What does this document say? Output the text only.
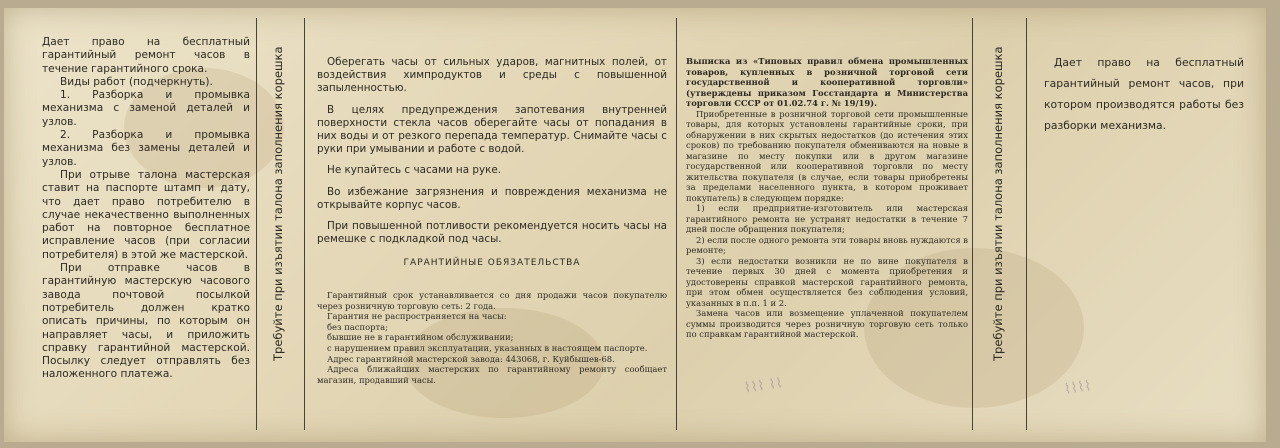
⌇⌇⌇ ⌇⌇	⌇⌇⌇⌇

Дает право на бесплатный гарантийный ремонт часов в течение гарантийного срока.

Виды работ (подчеркнуть).

1. Разборка и промывка механизма с заменой деталей и узлов.

2. Разборка и промывка механизма без замены деталей и узлов.

При отрыве талона мастерская ставит на паспорте штамп и дату, что дает право потребителю в случае некачественно выполненных работ на повторное бесплатное исправление часов (при согласии потребителя) в этой же мастерской.

При отправке часов в гарантийную мастерскую часового завода почтовой посылкой потребитель должен кратко описать причины, по которым он направляет часы, и приложить справку гарантийной мастерской. Посылку следует отправлять без наложенного платежа.

Требуйте при изъятии талона заполнения корешка	Оберегать часы от сильных ударов, магнитных полей, от воздействия химпродуктов и среды с повышенной запыленностью.

В целях предупреждения запотевания внутренней поверхности стекла часов оберегайте часы от попадания в них воды и от резкого перепада температур. Снимайте часы с руки при умывании и работе с водой.

Не купайтесь с часами на руке.

Во избежание загрязнения и повреждения механизма не открывайте корпус часов.

При повышенной потливости рекомендуется носить часы на ремешке с подкладкой под часы.

ГАРАНТИЙНЫЕ ОБЯЗАТЕЛЬСТВА

Гарантийный срок устанавливается со дня продажи часов покупателю через розничную торговую сеть: 2 года.

Гарантия не распространяется на часы:

без паспорта;

бывшие не в гарантийном обслуживании;

с нарушением правил эксплуатации, указанных в настоящем паспорте.

Адрес гарантийной мастерской завода: 443068, г. Куйбышев-68.

Адреса ближайших мастерских по гарантийному ремонту сообщает магазин, продавший часы.

Выписка из «Типовых правил обмена промышленных товаров, купленных в розничной торговой сети государственной и кооперативной торговли» (утверждены приказом Госстандарта и Министерства торговли СССР от 01.02.74 г. № 19/19).

Приобретенные в розничной торговой сети промышленные товары, для которых установлены гарантийные сроки, при обнаружении в них скрытых недостатков (до истечения этих сроков) по требованию покупателя обмениваются на новые в магазине по месту покупки или в другом магазине государственной или кооперативной торговли по месту жительства покупателя (в случае, если товары приобретены за пределами населенного пункта, в котором проживает покупатель) в следующем порядке:

1) если предприятие-изготовитель или мастерская гарантийного ремонта не устранят недостатки в течение 7 дней после обращения покупателя;

2) если после одного ремонта эти товары вновь нуждаются в ремонте;

3) если недостатки возникли не по вине покупателя в течение первых 30 дней с момента приобретения и удостоверены справкой мастерской гарантийного ремонта, при этом обмен осуществляется без соблюдения условий, указанных в п.п. 1 и 2.

Замена часов или возмещение уплаченной покупателем суммы производится через розничную торговую сеть только по справкам гарантийной мастерской.	Требуйте при изъятии талона заполнения корешка	Дает право на бесплатный гарантийный ремонт часов, при котором производятся работы без разборки механизма.
